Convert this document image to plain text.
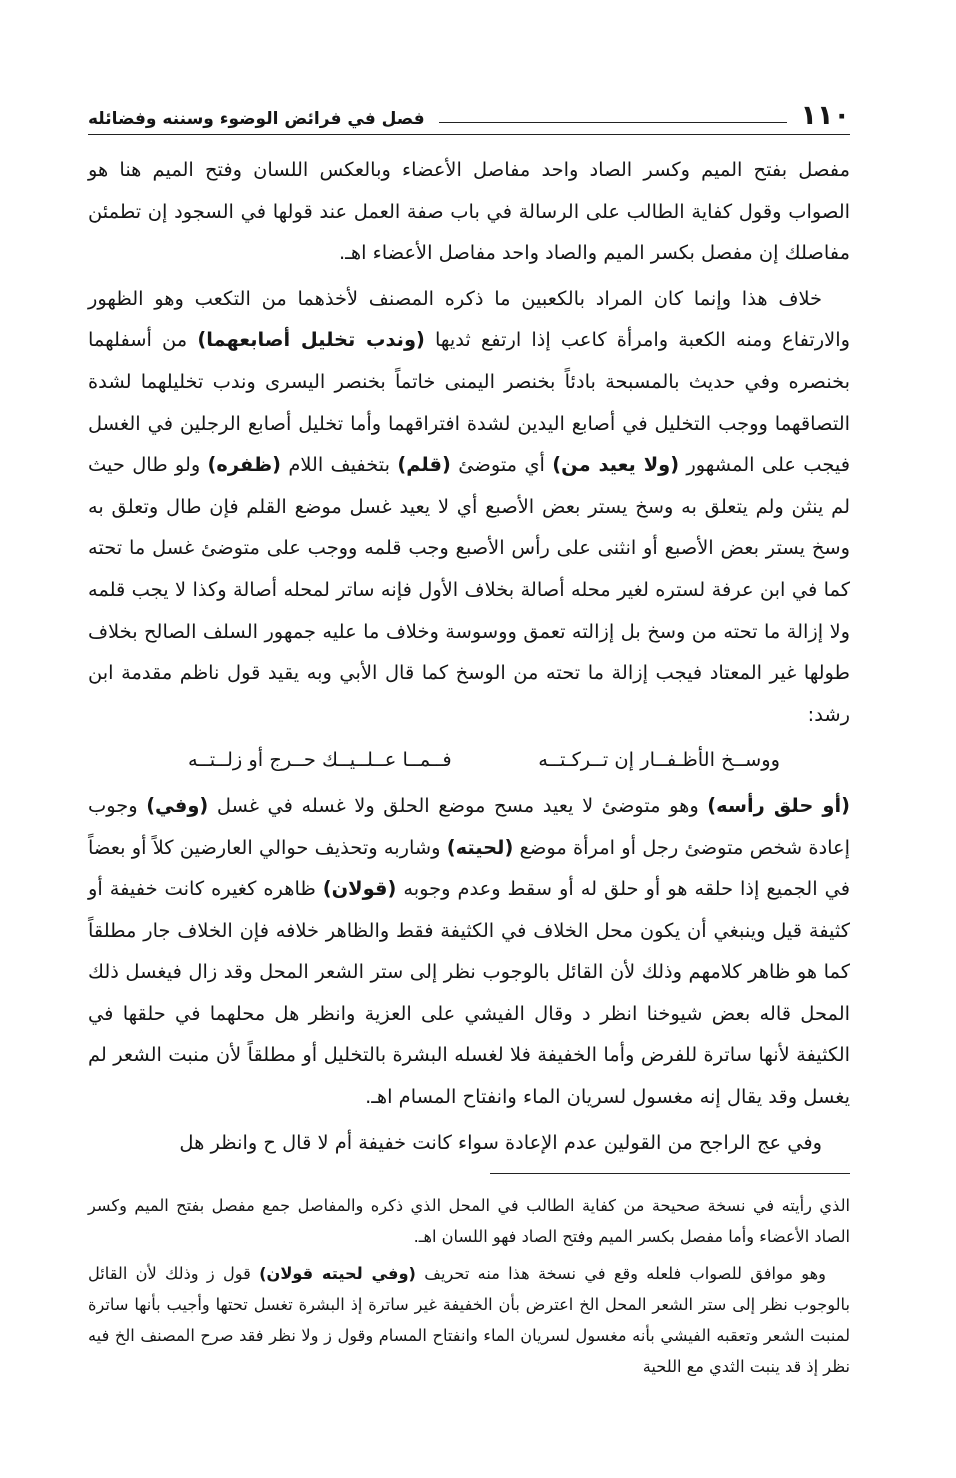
١١٠
فصل في فرائض الوضوء وسننه وفضائله

مفصل بفتح الميم وكسر الصاد واحد مفاصل الأعضاء وبالعكس اللسان وفتح الميم هنا هو الصواب وقول كفاية الطالب على الرسالة في باب صفة العمل عند قولها في السجود إن تطمئن مفاصلك إن مفصل بكسر الميم والصاد واحد مفاصل الأعضاء اهـ.

خلاف هذا وإنما كان المراد بالكعبين ما ذكره المصنف لأخذهما من التكعب وهو الظهور والارتفاع ومنه الكعبة وامرأة كاعب إذا ارتفع ثديها (وندب تخليل أصابعهما) من أسفلهما بخنصره وفي حديث بالمسبحة بادئاً بخنصر اليمنى خاتماً بخنصر اليسرى وندب تخليلهما لشدة التصاقهما ووجب التخليل في أصابع اليدين لشدة افتراقهما وأما تخليل أصابع الرجلين في الغسل فيجب على المشهور (ولا يعيد من) أي متوضئ (قلم) بتخفيف اللام (ظفره) ولو طال حيث لم ينثن ولم يتعلق به وسخ يستر بعض الأصبع أي لا يعيد غسل موضع القلم فإن طال وتعلق به وسخ يستر بعض الأصبع أو انثنى على رأس الأصبع وجب قلمه ووجب على متوضئ غسل ما تحته كما في ابن عرفة لستره لغير محله أصالة بخلاف الأول فإنه ساتر لمحله أصالة وكذا لا يجب قلمه ولا إزالة ما تحته من وسخ بل إزالته تعمق ووسوسة وخلاف ما عليه جمهور السلف الصالح بخلاف طولها غير المعتاد فيجب إزالة ما تحته من الوسخ كما قال الأبي وبه يقيد قول ناظم مقدمة ابن رشد:

ووســخ الأظـفــار إن تــركـتــه
فــمــا عــلــيــك حــرج أو زلــتــه

(أو حلق رأسه) وهو متوضئ لا يعيد مسح موضع الحلق ولا غسله في غسل (وفي) وجوب إعادة شخص متوضئ رجل أو امرأة موضع (لحيته) وشاربه وتحذيف حوالي العارضين كلاً أو بعضاً في الجميع إذا حلقه هو أو حلق له أو سقط وعدم وجوبه (قولان) ظاهره كغيره كانت خفيفة أو كثيفة قيل وينبغي أن يكون محل الخلاف في الكثيفة فقط والظاهر خلافه فإن الخلاف جار مطلقاً كما هو ظاهر كلامهم وذلك لأن القائل بالوجوب نظر إلى ستر الشعر المحل وقد زال فيغسل ذلك المحل قاله بعض شيوخنا انظر د وقال الفيشي على العزية وانظر هل محلهما في حلقها في الكثيفة لأنها ساترة للفرض وأما الخفيفة فلا لغسله البشرة بالتخليل أو مطلقاً لأن منبت الشعر لم يغسل وقد يقال إنه مغسول لسريان الماء وانفتاح المسام اهـ.

وفي عج الراجح من القولين عدم الإعادة سواء كانت خفيفة أم لا قال ح وانظر هل

الذي رأيته في نسخة صحيحة من كفاية الطالب في المحل الذي ذكره والمفاصل جمع مفصل بفتح الميم وكسر الصاد الأعضاء وأما مفصل بكسر الميم وفتح الصاد فهو اللسان اهـ.

وهو موافق للصواب فلعله وقع في نسخة هذا منه تحريف (وفي لحيته قولان) قول ز وذلك لأن القائل بالوجوب نظر إلى ستر الشعر المحل الخ اعترض بأن الخفيفة غير ساترة إذ البشرة تغسل تحتها وأجيب بأنها ساترة لمنبت الشعر وتعقبه الفيشي بأنه مغسول لسريان الماء وانفتاح المسام وقول ز ولا نظر فقد صرح المصنف الخ فيه نظر إذ قد ينبت الثدي مع اللحية
